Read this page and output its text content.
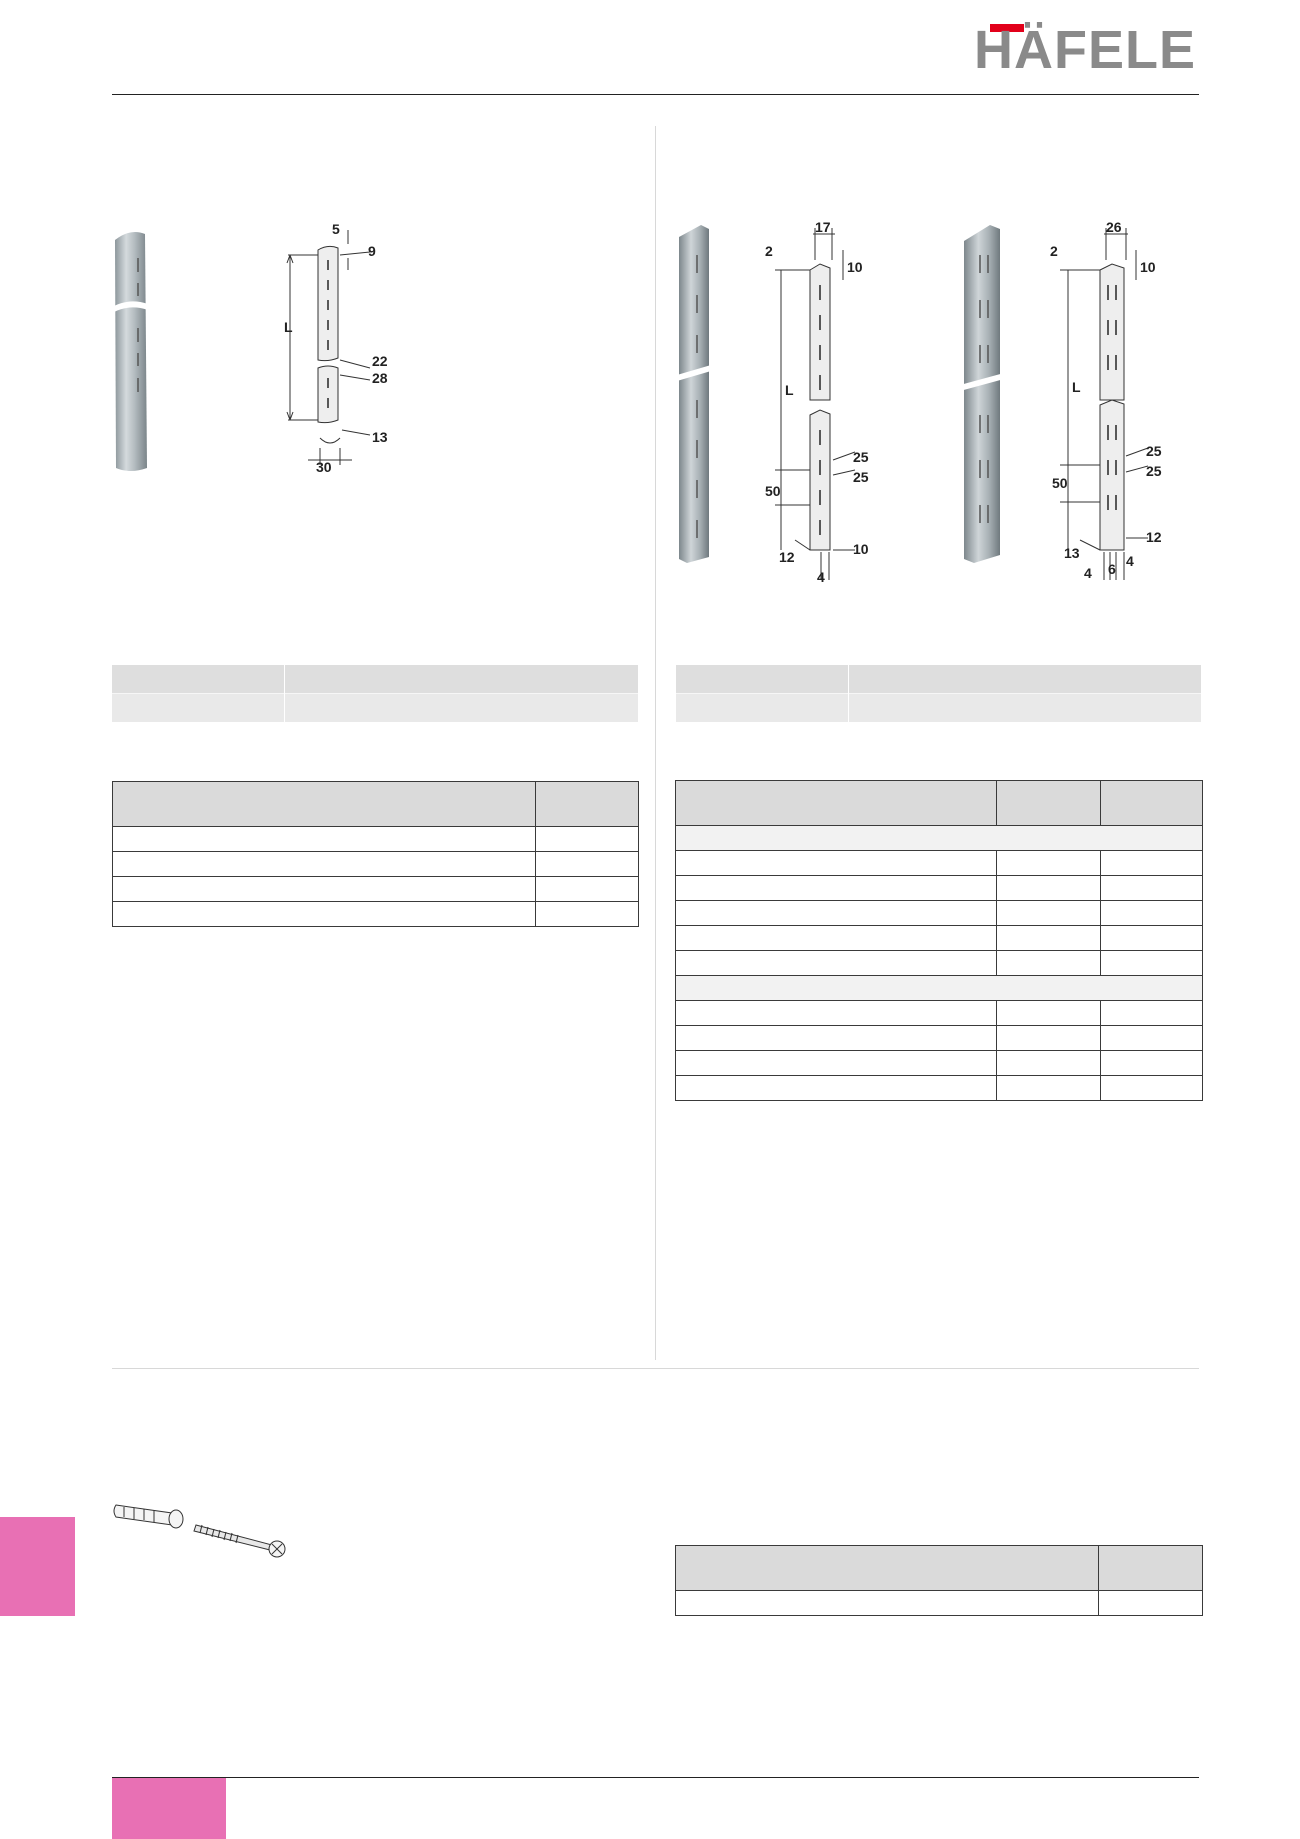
HÄFELE
5
9
L
22
28
13
30
17
2
10
L
25
50
25
12	10
4
26
2
10
L
25
50
25
13
12
4 6 4
